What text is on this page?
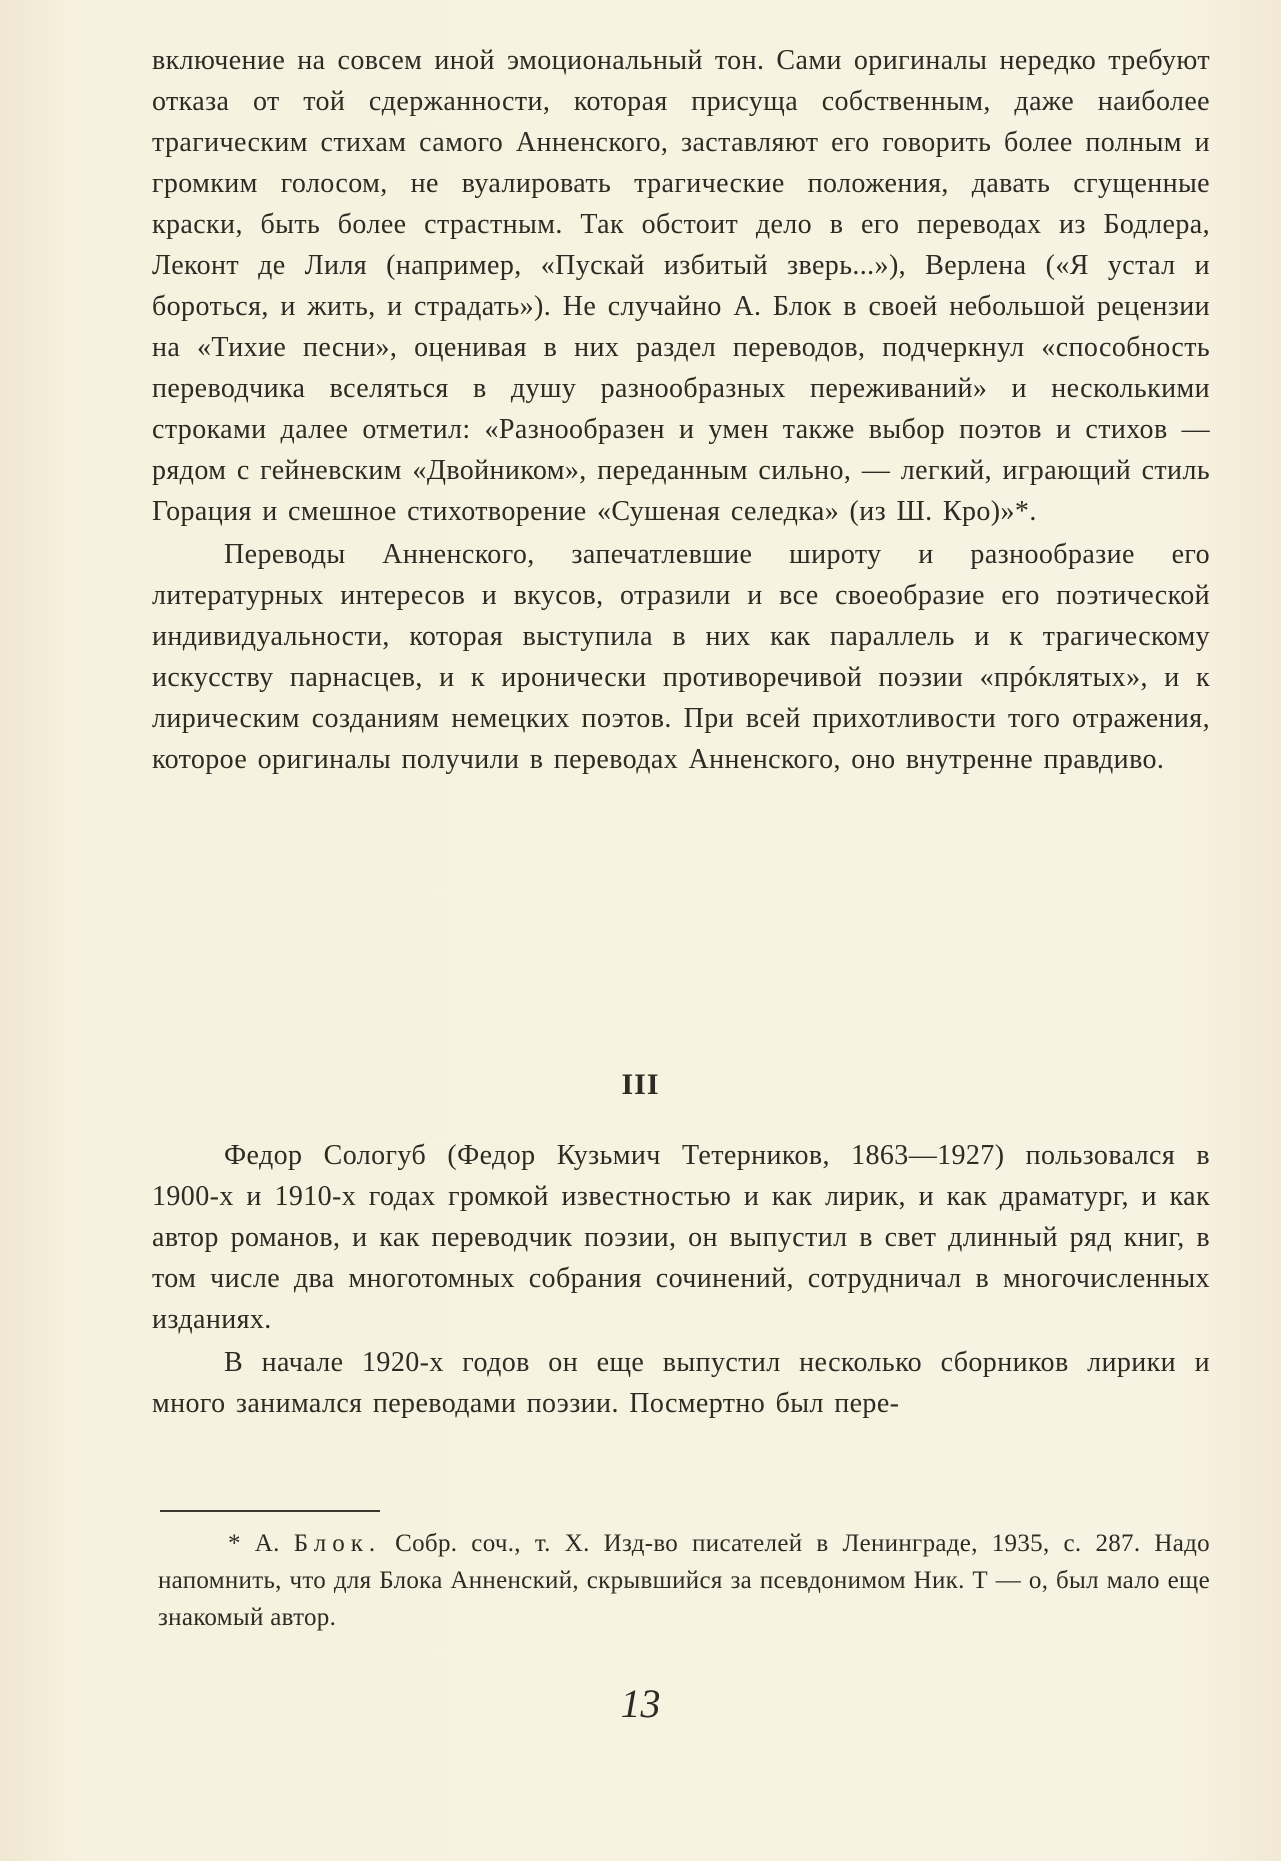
включение на совсем иной эмоциональный тон. Сами оригиналы нередко требуют отказа от той сдержанности, которая присуща собственным, даже наиболее трагическим стихам самого Анненского, заставляют его говорить более полным и громким голосом, не вуалировать трагические положения, давать сгущенные краски, быть более страстным. Так обстоит дело в его переводах из Бодлера, Леконт де Лиля (например, «Пускай избитый зверь...»), Верлена («Я устал и бороться, и жить, и страдать»). Не случайно А. Блок в своей небольшой рецензии на «Тихие песни», оценивая в них раздел переводов, подчеркнул «способность переводчика вселяться в душу разнообразных переживаний» и несколькими строками далее отметил: «Разнообразен и умен также выбор поэтов и стихов — рядом с гейневским «Двойником», переданным сильно, — легкий, играющий стиль Горация и смешное стихотворение «Сушеная селедка» (из Ш. Кро)»*.

Переводы Анненского, запечатлевшие широту и разнообразие его литературных интересов и вкусов, отразили и все своеобразие его поэтической индивидуальности, которая выступила в них как параллель и к трагическому искусству парнасцев, и к иронически противоречивой поэзии «прóклятых», и к лирическим созданиям немецких поэтов. При всей прихотливости того отражения, которое оригиналы получили в переводах Анненского, оно внутренне правдиво.

III

Федор Сологуб (Федор Кузьмич Тетерников, 1863—1927) пользовался в 1900-х и 1910-х годах громкой известностью и как лирик, и как драматург, и как автор романов, и как переводчик поэзии, он выпустил в свет длинный ряд книг, в том числе два многотомных собрания сочинений, сотрудничал в многочисленных изданиях.

В начале 1920-х годов он еще выпустил несколько сборников лирики и много занимался переводами поэзии. Посмертно был пере-

* А. Блок. Собр. соч., т. X. Изд-во писателей в Ленинграде, 1935, с. 287. Надо напомнить, что для Блока Анненский, скрывшийся за псевдонимом Ник. Т — о, был мало еще знакомый автор.

13
